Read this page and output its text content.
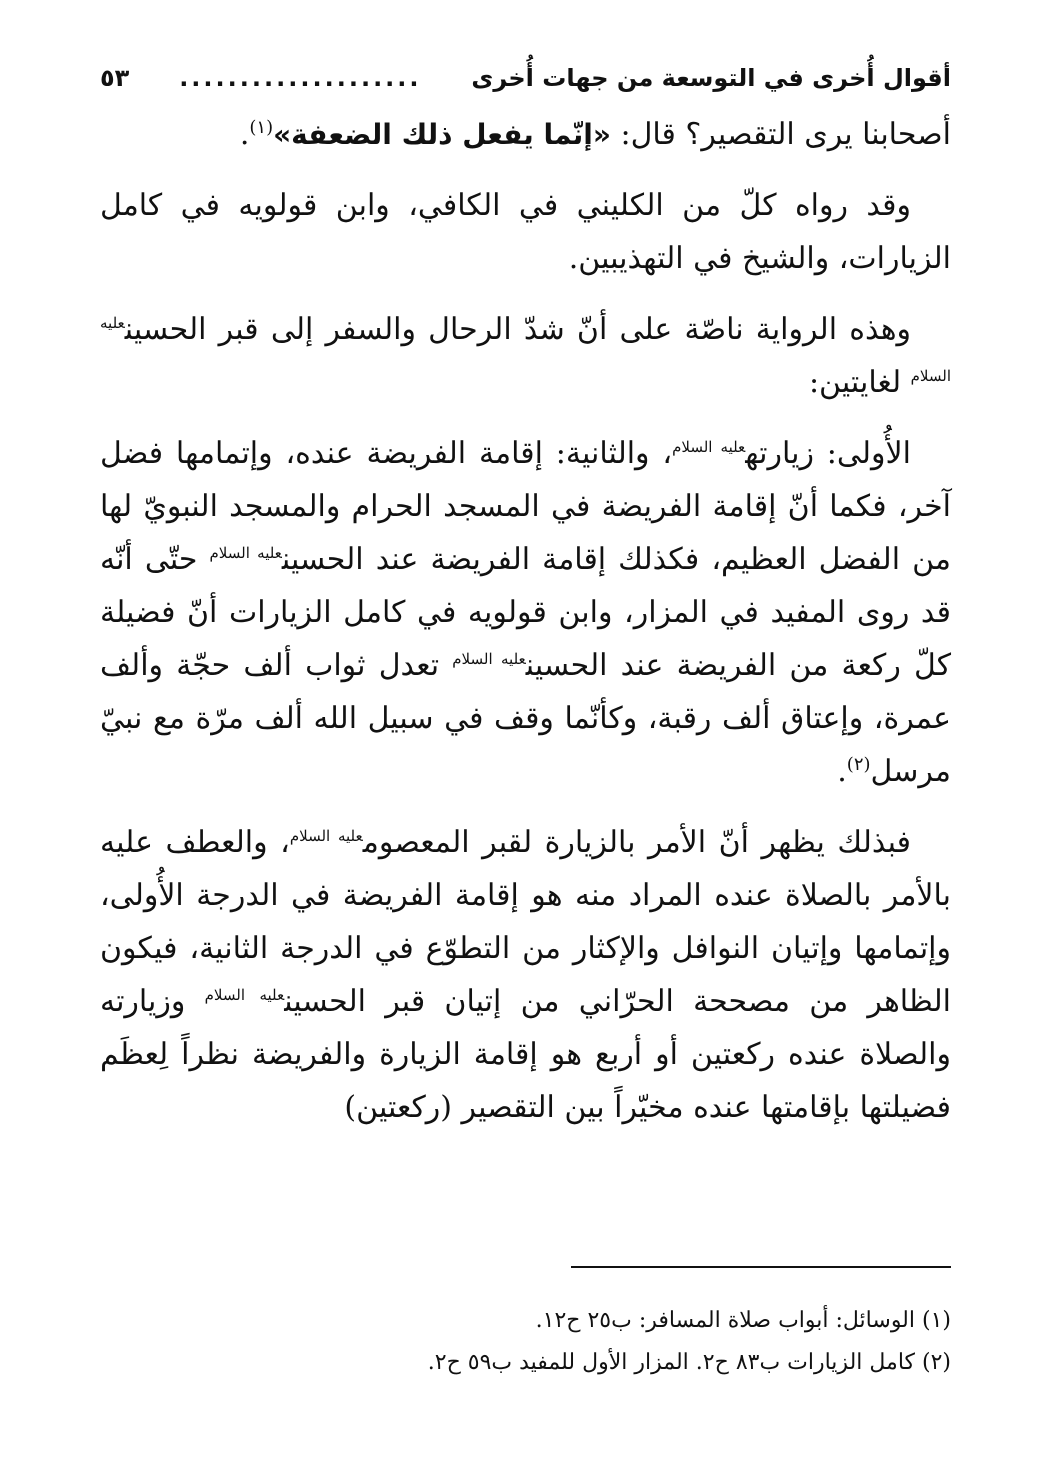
أقوال أُخرى في التوسعة من جهات أُخرى
....................
٥٣

أصحابنا يرى التقصير؟ قال: «إنّما يفعل ذلك الضعفة»$^{(١)}$.

وقد رواه كلّ من الكليني في الكافي، وابن قولويه في كامل الزيارات، والشيخ في التهذيبين.

وهذه الرواية ناصّة على أنّ شدّ الرحال والسفر إلى قبر الحسين$^{عليه السلام}$ لغايتين:

الأُولى: زيارته$^{عليه السلام}$، والثانية: إقامة الفريضة عنده، وإتمامها فضل آخر، فكما أنّ إقامة الفريضة في المسجد الحرام والمسجد النبويّ لها من الفضل العظيم، فكذلك إقامة الفريضة عند الحسين$^{عليه السلام}$ حتّى أنّه قد روى المفيد في المزار، وابن قولويه في كامل الزيارات أنّ فضيلة كلّ ركعة من الفريضة عند الحسين$^{عليه السلام}$ تعدل ثواب ألف حجّة وألف عمرة، وإعتاق ألف رقبة، وكأنّما وقف في سبيل الله ألف مرّة مع نبيّ مرسل$^{(٢)}$.

فبذلك يظهر أنّ الأمر بالزيارة لقبر المعصوم$^{عليه السلام}$، والعطف عليه بالأمر بالصلاة عنده المراد منه هو إقامة الفريضة في الدرجة الأُولى، وإتمامها وإتيان النوافل والإكثار من التطوّع في الدرجة الثانية، فيكون الظاهر من مصححة الحرّاني من إتيان قبر الحسين$^{عليه السلام}$ وزيارته والصلاة عنده ركعتين أو أربع هو إقامة الزيارة والفريضة نظراً لِعظَم فضيلتها بإقامتها عنده مخيّراً بين التقصير (ركعتين)

(١) الوسائل: أبواب صلاة المسافر: ب٢٥ ح١٢.

(٢) كامل الزيارات ب٨٣ ح٢. المزار الأول للمفيد ب٥٩ ح٢.
